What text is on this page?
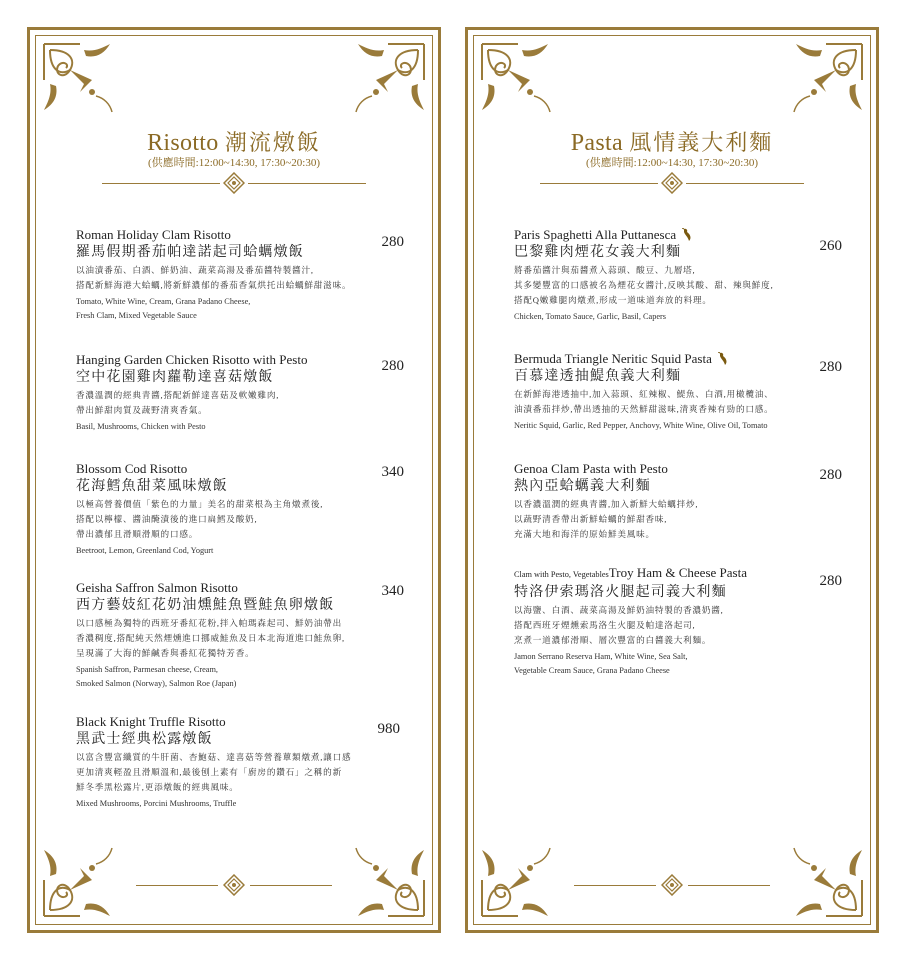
Risotto 潮流燉飯
(供應時間:12:00~14:30, 17:30~20:30)
Roman Holiday Clam Risotto
羅馬假期番茄帕達諾起司蛤蠣燉飯
以油漬番茄、白酒、鮮奶油、蔬菜高湯及番茄醬特製醬汁,
搭配新鮮海港大蛤蠣,將新鮮濃郁的番茄香氣烘托出蛤蠣鮮甜滋味。
Tomato, White Wine, Cream, Grana Padano Cheese,
Fresh Clam, Mixed Vegetable Sauce
280
Hanging Garden Chicken Risotto with Pesto
空中花園雞肉蘿勒達喜菇燉飯
香濃溫潤的經典青醬,搭配新鮮達喜菇及軟嫩雞肉,
帶出鮮甜肉質及蔬野清爽香氣。
Basil, Mushrooms, Chicken with Pesto
280
Blossom Cod Risotto
花海鱈魚甜菜風味燉飯
以極高營養價值「紫色的力量」美名的甜菜根為主角燉煮後,
搭配以檸檬、醬油醃漬後的進口扁鱈及酸奶,
帶出濃郁且滑順滑順的口感。
Beetroot, Lemon, Greenland Cod, Yogurt
340
Geisha Saffron Salmon Risotto
西方藝妓紅花奶油燻鮭魚暨鮭魚卵燉飯
以口感極為獨特的西班牙番紅花粉,拌入帕瑪森起司、鮮奶油帶出
香濃稠度,搭配純天然煙燻進口挪威鮭魚及日本北海道進口鮭魚卵,
呈現滿了大海的鮮鹹香與番紅花獨特芳香。
Spanish Saffron, Parmesan cheese, Cream,
Smoked Salmon (Norway), Salmon Roe (Japan)
340
Black Knight Truffle Risotto
黑武士經典松露燉飯
以富含豐富纖質的牛肝菌、杏鮑菇、達喜菇等營養蕈類燉煮,讓口感
更加清爽輕盈且滑順溫和,最後刨上素有「廚房的鑽石」之稱的新
鮮冬季黑松露片,更添燉飯的經典風味。
Mixed Mushrooms, Porcini Mushrooms, Truffle
980
Pasta 風情義大利麵
(供應時間:12:00~14:30, 17:30~20:30)
Paris Spaghetti Alla Puttanesca
巴黎雞肉煙花女義大利麵
將番茄醬汁與茄醬煮入蒜頭、酸豆、九層塔,
其多變豐富的口感被名為煙花女醬汁,反映其酸、甜、辣與鮮度,
搭配Q嫩雞腿肉燉煮,形成一道味道奔放的料理。
Chicken, Tomato Sauce, Garlic, Basil, Capers
260
Bermuda Triangle Neritic Squid Pasta
百慕達透抽鯷魚義大利麵
在新鮮海港透抽中,加入蒜頭、紅辣椒、鯷魚、白酒,用橄欖油、
油漬番茄拌炒,帶出透抽的天然鮮甜滋味,清爽香辣有勁的口感。
Neritic Squid, Garlic, Red Pepper, Anchovy, White Wine, Olive Oil, Tomato
280
Genoa Clam Pasta with Pesto
熱內亞蛤蠣義大利麵
以香濃溫潤的經典青醬,加入新鮮大蛤蠣拌炒,
以蔬野清香帶出新鮮蛤蠣的鮮甜香味,
充滿大地和海洋的原始鮮美風味。
280
Clam with Pesto, VegetablesTroy Ham & Cheese Pasta
特洛伊索瑪洛火腿起司義大利麵
以海鹽、白酒、蔬菜高湯及鮮奶油特製的香濃奶醬,
搭配西班牙煙燻索馬洛生火腿及帕達洛起司,
烹煮一道濃郁滑順、層次豐富的白醬義大利麵。
Jamon Serrano Reserva Ham, White Wine, Sea Salt,
Vegetable Cream Sauce, Grana Padano Cheese
280
